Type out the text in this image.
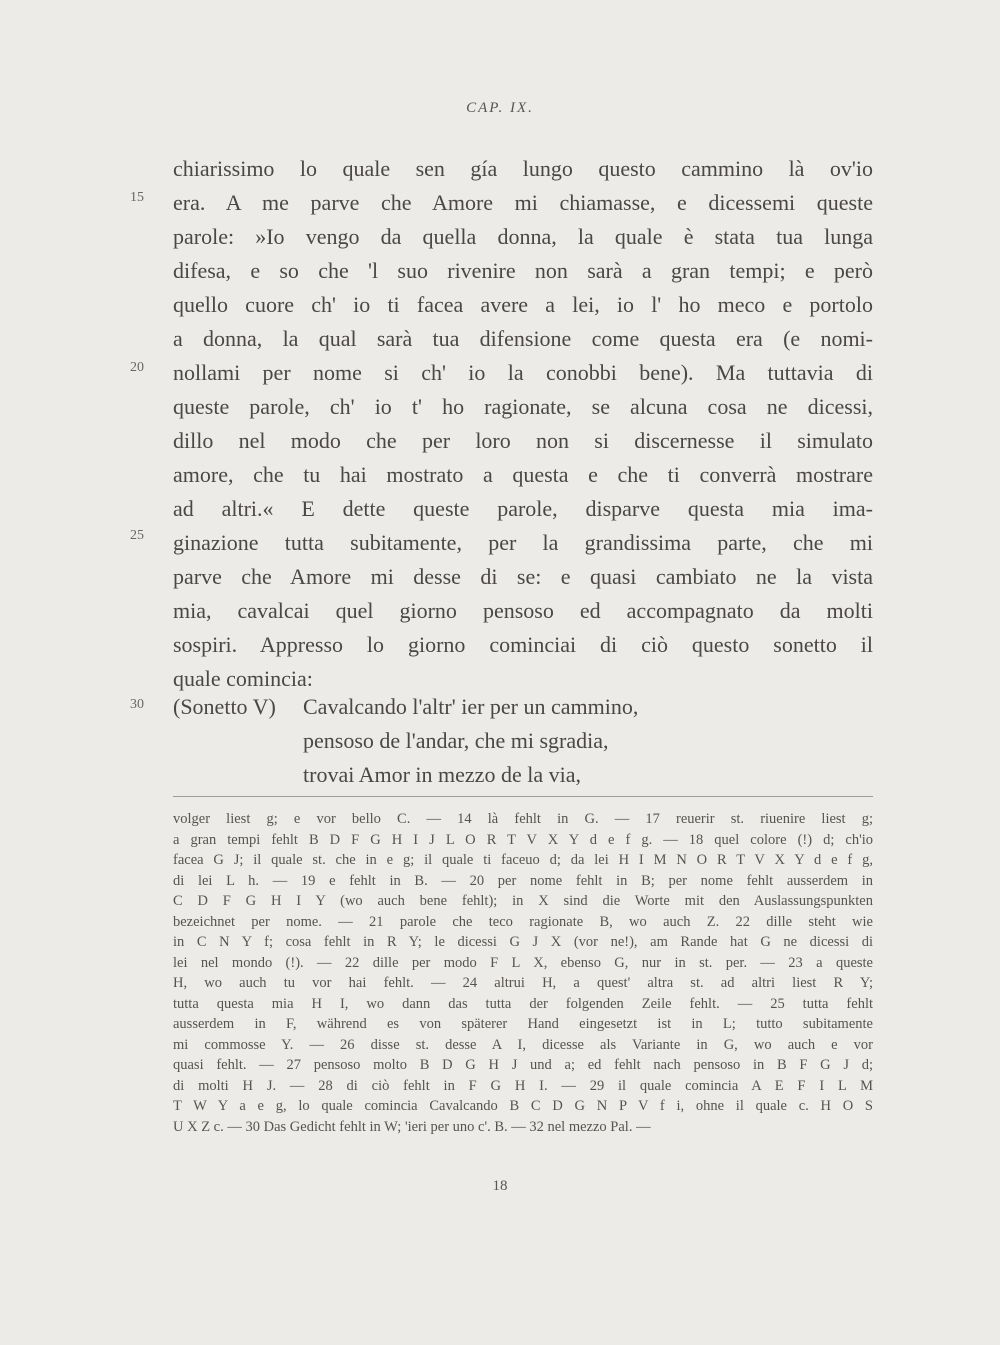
CAP. IX.
15
20
25
30
chiarissimo lo quale sen gía lungo questo cammino là ov'io
era. A me parve che Amore mi chiamasse, e dicessemi queste
parole: »Io vengo da quella donna, la quale è stata tua lunga
difesa, e so che 'l suo rivenire non sarà a gran tempi; e però
quello cuore ch' io ti facea avere a lei, io l' ho meco e portolo
a donna, la qual sarà tua difensione come questa era (e nomi-
nollami per nome si ch' io la conobbi bene). Ma tuttavia di
queste parole, ch' io t' ho ragionate, se alcuna cosa ne dicessi,
dillo nel modo che per loro non si discernesse il simulato
amore, che tu hai mostrato a questa e che ti converrà mostrare
ad altri.« E dette queste parole, disparve questa mia ima-
ginazione tutta subitamente, per la grandissima parte, che mi
parve che Amore mi desse di se: e quasi cambiato ne la vista
mia, cavalcai quel giorno pensoso ed accompagnato da molti
sospiri. Appresso lo giorno cominciai di ciò questo sonetto il
quale comincia:
(Sonetto V) Cavalcando l'altr' ier per un cammino,
pensoso de l'andar, che mi sgradia,
trovai Amor in mezzo de la via,
volger liest g; e vor bello C. — 14 là fehlt in G. — 17 reuerir st. riuenire liest g;
a gran tempi fehlt B D F G H I J L O R T V X Y d e f g. — 18 quel colore (!) d; ch'io
facea G J; il quale st. che in e g; il quale ti faceuo d; da lei H I M N O R T V X Y d e f g,
di lei L h. — 19 e fehlt in B. — 20 per nome fehlt in B; per nome fehlt ausserdem in
C D F G H I Y (wo auch bene fehlt); in X sind die Worte mit den Auslassungspunkten
bezeichnet per nome. — 21 parole che teco ragionate B, wo auch Z. 22 dille steht wie
in C N Y f; cosa fehlt in R Y; le dicessi G J X (vor ne!), am Rande hat G ne dicessi di
lei nel mondo (!). — 22 dille per modo F L X, ebenso G, nur in st. per. — 23 a queste
H, wo auch tu vor hai fehlt. — 24 altrui H, a quest' altra st. ad altri liest R Y;
tutta questa mia H I, wo dann das tutta der folgenden Zeile fehlt. — 25 tutta fehlt
ausserdem in F, während es von späterer Hand eingesetzt ist in L; tutto subitamente
mi commosse Y. — 26 disse st. desse A I, dicesse als Variante in G, wo auch e vor
quasi fehlt. — 27 pensoso molto B D G H J und a; ed fehlt nach pensoso in B F G J d;
di molti H J. — 28 di ciò fehlt in F G H I. — 29 il quale comincia A E F I L M
T W Y a e g, lo quale comincia Cavalcando B C D G N P V f i, ohne il quale c. H O S
U X Z c. — 30 Das Gedicht fehlt in W; 'ieri per uno c'. B. — 32 nel mezzo Pal. —
18
